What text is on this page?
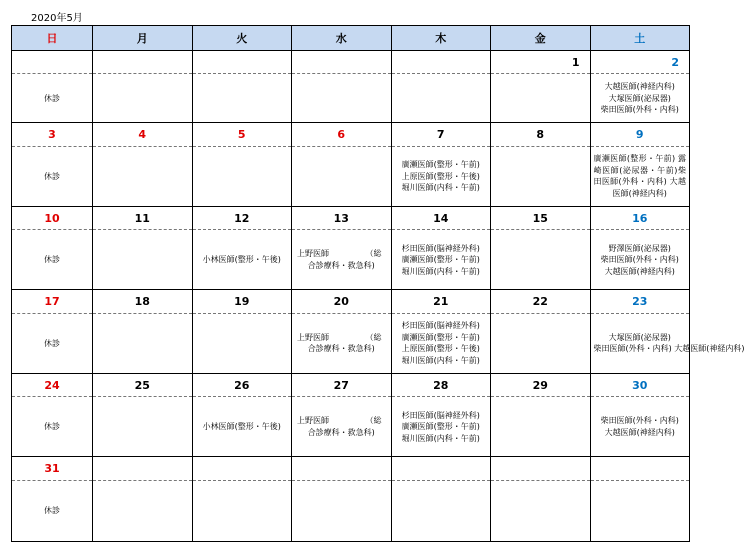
2020年5月
日	月	火	水	木	金	土
					1	2
休診						大越医師(神経内科)
大塚医師(泌尿器)
柴田医師(外科・内科)

3	4	5	6	7	8	9
休診				廣瀬医師(整形・午前)
上原医師(整形・午後)
堀川医師(内科・午前)		廣瀬医師(整形・午前) 露崎医師(泌尿器・午前)柴田医師(外科・内科) 大越医師(神経内科)

10	11	12	13	14	15	16
休診		小林医師(整形・午後)	上野医師 （総
合診療科・救急科)	杉田医師(脳神経外科)
廣瀬医師(整形・午前)
堀川医師(内科・午前)		野澤医師(泌尿器)
柴田医師(外科・内科)
大越医師(神経内科)

17	18	19	20	21	22	23
休診			上野医師 （総
合診療科・救急科)	杉田医師(脳神経外科)
廣瀬医師(整形・午前)
上原医師(整形・午後)
堀川医師(内科・午前)		大塚医師(泌尿器)
柴田医師(外科・内科) 大越医師(神経内科)

24	25	26	27	28	29	30
休診		小林医師(整形・午後)	上野医師 （総
合診療科・救急科)	杉田医師(脳神経外科)
廣瀬医師(整形・午前)
堀川医師(内科・午前)		柴田医師(外科・内科)
大越医師(神経内科)

31						
休診						
